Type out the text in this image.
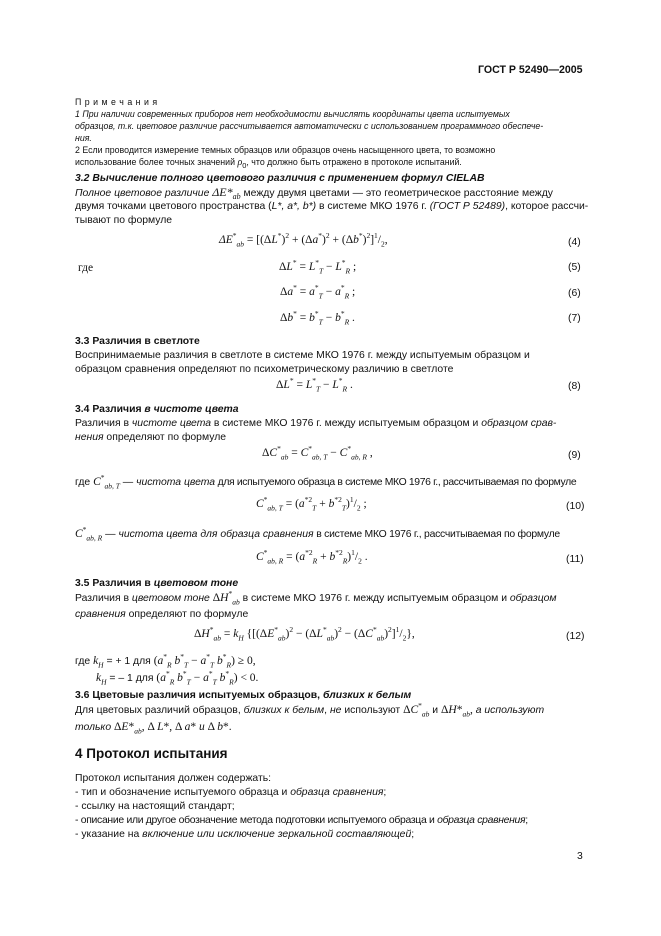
ГОСТ Р 52490—2005
П р и м е ч а н и я
1 При наличии современных приборов нет необходимости вычислять координаты цвета испытуемых
образцов, т.к. цветовое различие рассчитывается автоматически с использованием программного обеспече-
ния.
2 Если проводится измерение темных образцов или образцов очень насыщенного цвета, то возможно
использование более точных значений $\rho_0$, что должно быть отражено в протоколе испытаний.
3.2 Вычисление полного цветового различия с применением формул CIELAB
Полное цветовое различие $\Delta E*_{ab}$ между двумя цветами — это геометрическое расстояние между
двумя точками цветового пространства (L*, a*, b*) в системе МКО 1976 г. (ГОСТ Р 52489), которое рассчи-
тывают по формуле
$\Delta E^*_{ab} = [(\Delta L^*)^2 + (\Delta a^*)^2 + (\Delta b^*)^2]^1/_2$,	(4)
где	$\Delta L^* = L^*_T - L^*_R$ ;	(5)
$\Delta a^* = a^*_T - a^*_R$ ;	(6)
$\Delta b^* = b^*_T - b^*_R$ .	(7)
3.3 Различия в светлоте
Воспринимаемые различия в светлоте в системе МКО 1976 г. между испытуемым образцом и
образцом сравнения определяют по психометрическому различию в светлоте
$\Delta L^* = L^*_T - L^*_R$ .	(8)
3.4 Различия в чистоте цвета
Различия в чистоте цвета в системе МКО 1976 г. между испытуемым образцом и образцом срав-
нения определяют по формуле
$\Delta C^*_{ab} = C^*_{ab, T} - C^*_{ab, R}$ ,	(9)
где $C^*_{ab, T}$ — чистота цвета для испытуемого образца в системе МКО 1976 г., рассчитываемая по формуле
$C^*_{ab, T} = (a^{*2}_T + b^{*2}_T)^1/_2$ ;	(10)
$C^*_{ab, R}$ — чистота цвета для образца сравнения в системе МКО 1976 г., рассчитываемая по формуле
$C^*_{ab, R} = (a^{*2}_R + b^{*2}_R)^1/_2$ .	(11)
3.5 Различия в цветовом тоне
Различия в цветовом тоне $\Delta H^*_{ab}$ в системе МКО 1976 г. между испытуемым образцом и образцом
сравнения определяют по формуле
$\Delta H^*_{ab} = k_H$ $\{[(\Delta E^*_{ab})^2 - (\Delta L^*_{ab})^2 - (\Delta C^*_{ab})^2]^1/_2\}$,	(12)
где $k_H$ = + 1 для ($a^*_R$ $b^*_T - a^*_T$ $b^*_R) \ge 0$,
$k_H$ = – 1 для ($a^*_R$ $b^*_T - a^*_T$ $b^*_R) < 0$.
3.6 Цветовые различия испытуемых образцов, близких к белым
Для цветовых различий образцов, близких к белым, не используют $\Delta C^*_{ab}$ и $\Delta H*_{ab}$, а используют
только $\Delta E*_{ab}$, Δ L*, Δ a* и Δ b*.
4 Протокол испытания
Протокол испытания должен содержать:
- тип и обозначение испытуемого образца и образца сравнения;
- ссылку на настоящий стандарт;
- описание или другое обозначение метода подготовки испытуемого образца и образца сравнения;
- указание на включение или исключение зеркальной составляющей;
3
